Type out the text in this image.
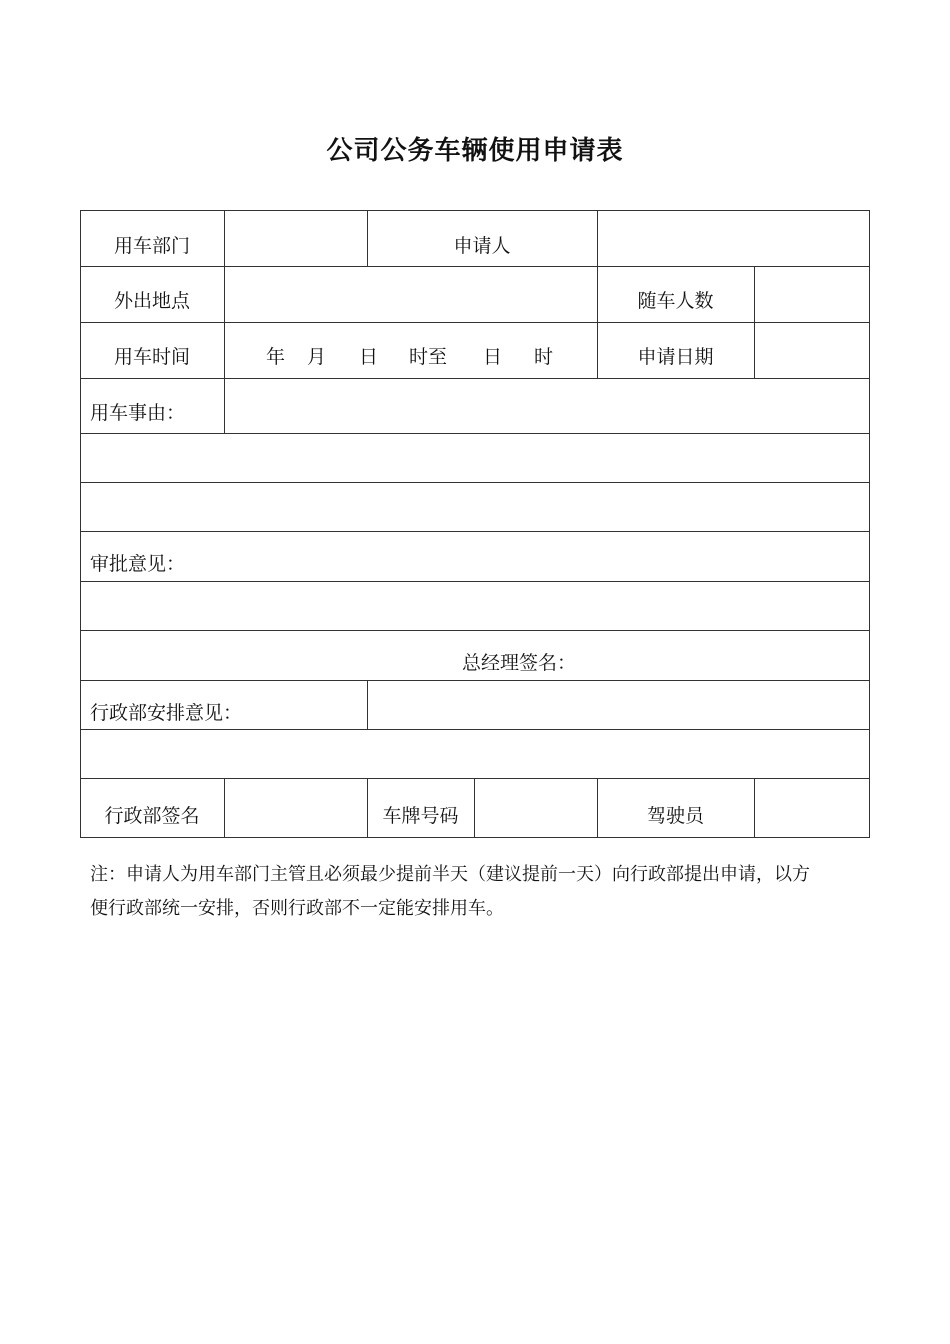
公司公务车辆使用申请表
用车部门	申请人
外出地点	随车人数
用车时间	年 月 日 时至 日 时	申请日期
用车事由：
审批意见：
总经理签名：
行政部安排意见：
行政部签名	车牌号码	驾驶员
注：申请人为用车部门主管且必须最少提前半天（建议提前一天）向行政部提出申请，以方
便行政部统一安排，否则行政部不一定能安排用车。
